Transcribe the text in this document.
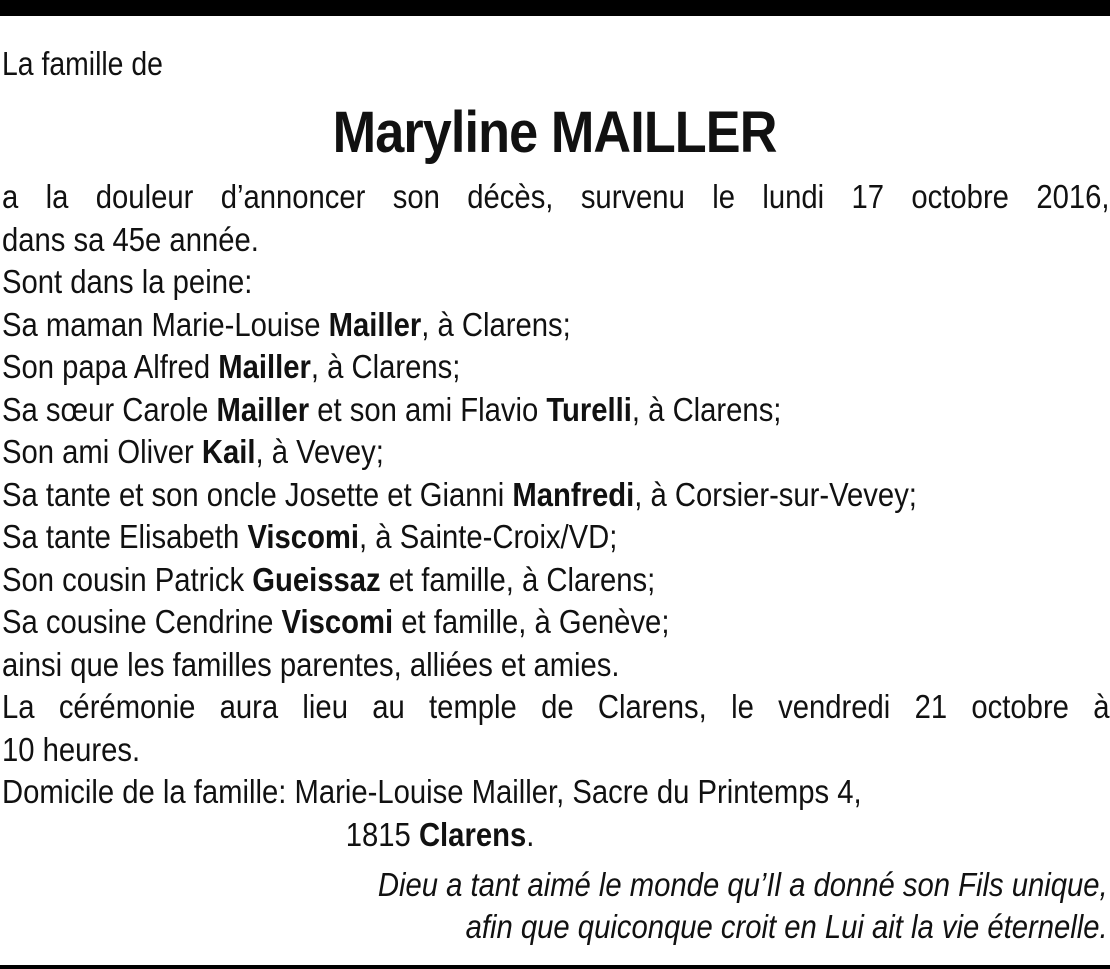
La famille de
Maryline MAILLER
a la douleur d’annoncer son décès, survenu le lundi 17 octobre 2016,
dans sa 45e année.
Sont dans la peine:
Sa maman Marie-Louise Mailler, à Clarens;
Son papa Alfred Mailler, à Clarens;
Sa sœur Carole Mailler et son ami Flavio Turelli, à Clarens;
Son ami Oliver Kail, à Vevey;
Sa tante et son oncle Josette et Gianni Manfredi, à Corsier-sur-Vevey;
Sa tante Elisabeth Viscomi, à Sainte-Croix/VD;
Son cousin Patrick Gueissaz et famille, à Clarens;
Sa cousine Cendrine Viscomi et famille, à Genève;
ainsi que les familles parentes, alliées et amies.
La cérémonie aura lieu au temple de Clarens, le vendredi 21 octobre à
10 heures.
Domicile de la famille: Marie-Louise Mailler, Sacre du Printemps 4,
1815 Clarens.
Dieu a tant aimé le monde qu’Il a donné son Fils unique,
afin que quiconque croit en Lui ait la vie éternelle.
